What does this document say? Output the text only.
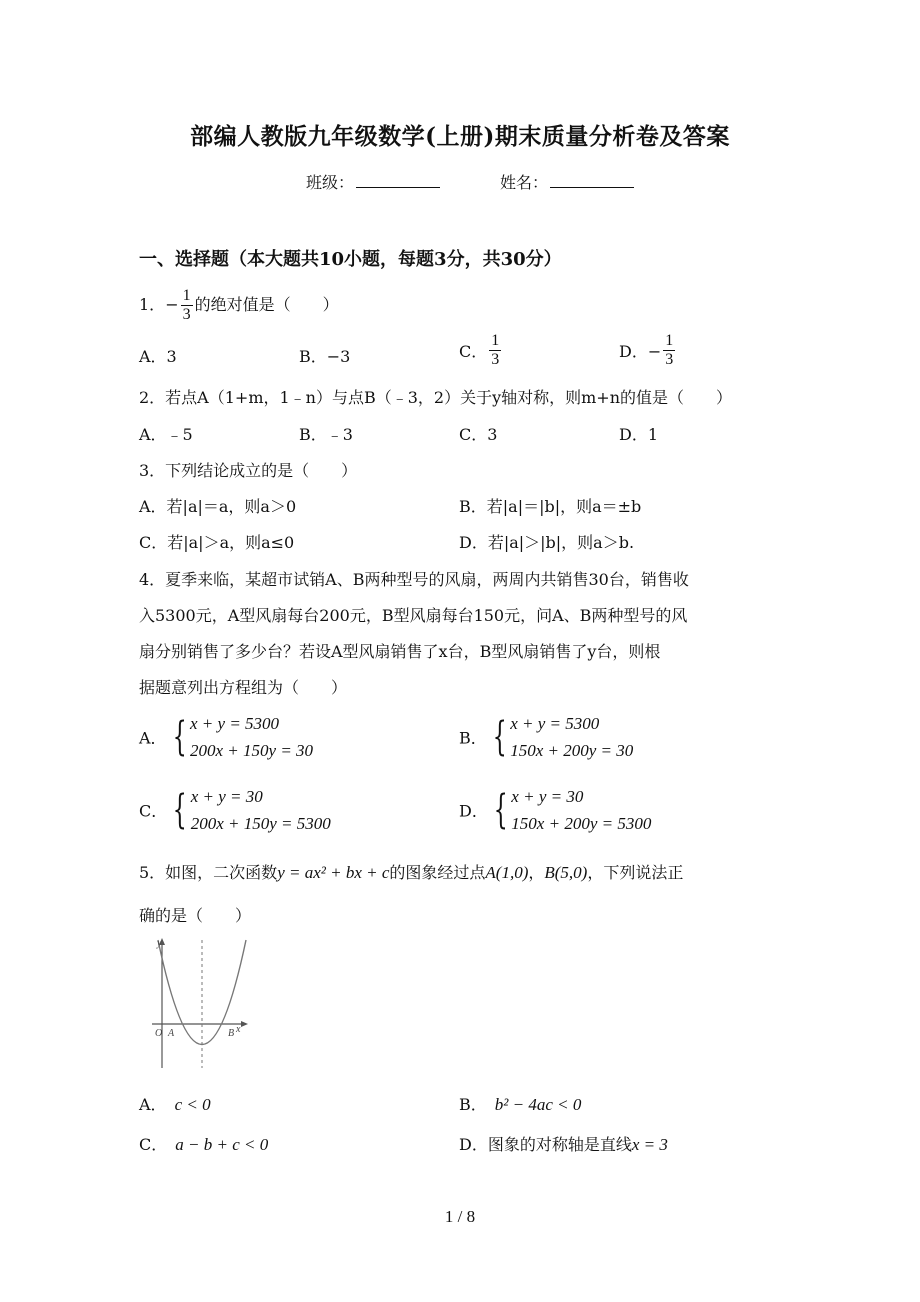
部编人教版九年级数学(上册)期末质量分析卷及答案
班级：	姓名：
一、选择题（本大题共10小题，每题3分，共30分）
1．− $\frac{1}{3}$ 的绝对值是（　　）
A．3	B．−3	C． $\frac{1}{3}$	D．− $\frac{1}{3}$
2．若点A（1+m，1﹣n）与点B（﹣3，2）关于y轴对称，则m+n的值是（　　）
A．﹣5	B．﹣3	C．3	D．1
3．下列结论成立的是（　　）
A．若|a|＝a，则a＞0	B．若|a|＝|b|，则a＝±b
C．若|a|＞a，则a≤0	D．若|a|＞|b|，则a＞b.
4．夏季来临，某超市试销A、B两种型号的风扇，两周内共销售30台，销售收
入5300元，A型风扇每台200元，B型风扇每台150元，问A、B两种型号的风
扇分别销售了多少台？若设A型风扇销售了x台，B型风扇销售了y台，则根
据题意列出方程组为（　　）
A． { x + y = 5300
200x + 150y = 30
B． { x + y = 5300
150x + 200y = 30
C． { x + y = 30
200x + 150y = 5300
D． { x + y = 30
150x + 200y = 5300
5．如图，二次函数y = ax² + bx + c的图象经过点A(1,0)，B(5,0)，下列说法正
确的是（　　）
y
x
O A	B
A． c < 0	B． b² − 4ac < 0
C． a − b + c < 0	D．图象的对称轴是直线x = 3
1 / 8
